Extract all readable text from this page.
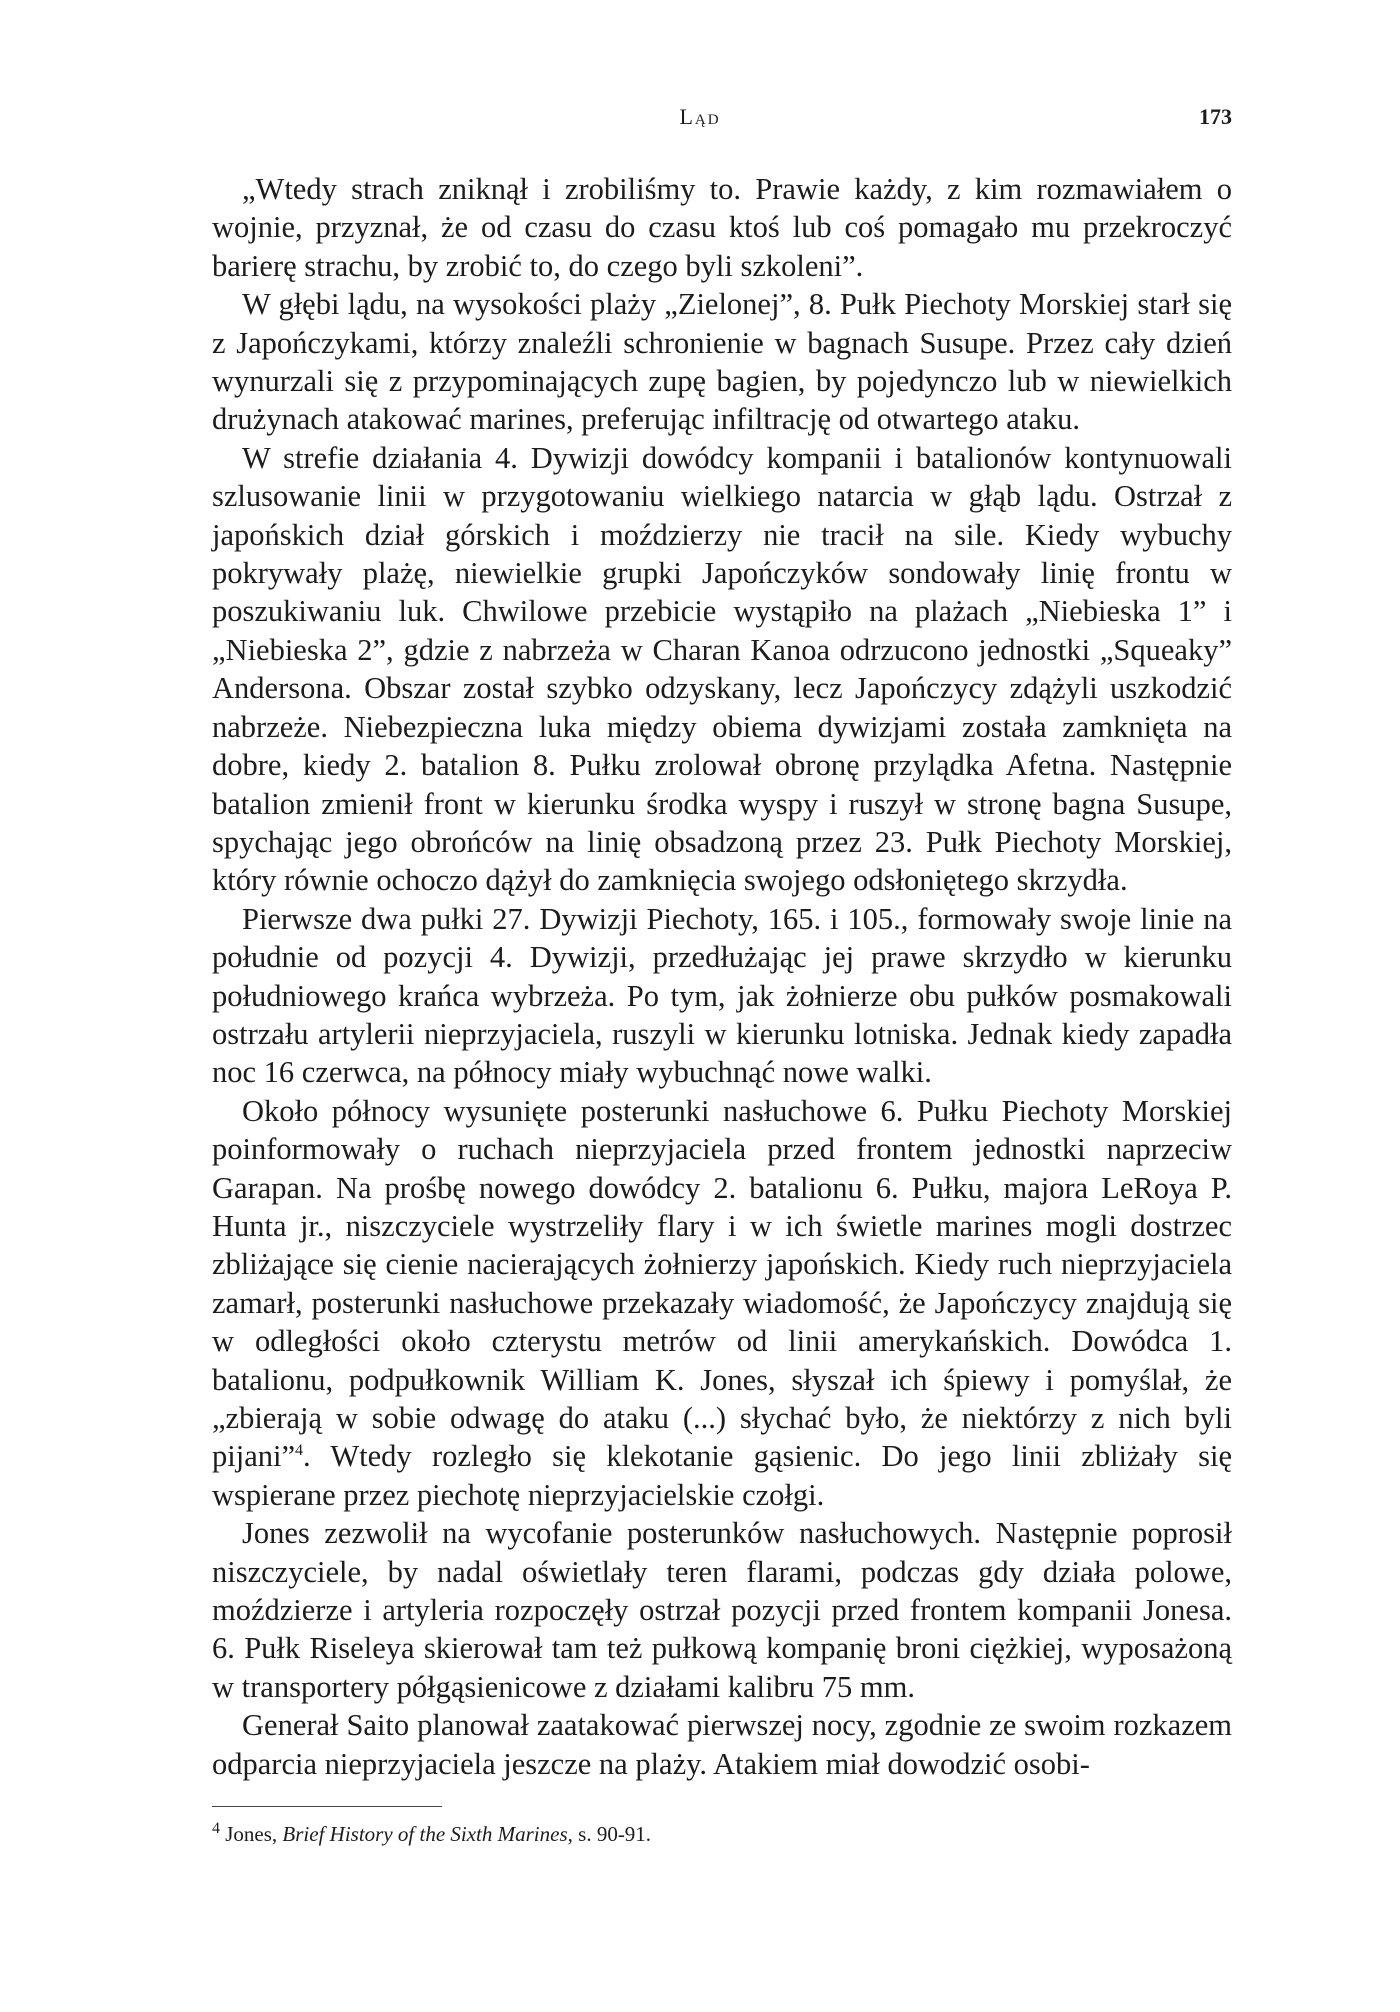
Ląd	173

„Wtedy strach zniknął i zrobiliśmy to. Prawie każdy, z kim rozmawiałem o wojnie, przyznał, że od czasu do czasu ktoś lub coś pomagało mu przekroczyć barierę strachu, by zrobić to, do czego byli szkoleni”.

W głębi lądu, na wysokości plaży „Zielonej”, 8. Pułk Piechoty Morskiej starł się z Japończykami, którzy znaleźli schronienie w bagnach Susupe. Przez cały dzień wynurzali się z przypominających zupę bagien, by pojedynczo lub w niewielkich drużynach atakować marines, preferując infiltrację od otwartego ataku.

W strefie działania 4. Dywizji dowódcy kompanii i batalionów kontynuowali szlusowanie linii w przygotowaniu wielkiego natarcia w głąb lądu. Ostrzał z japońskich dział górskich i moździerzy nie tracił na sile. Kiedy wybuchy pokrywały plażę, niewielkie grupki Japończyków sondowały linię frontu w poszukiwaniu luk. Chwilowe przebicie wystąpiło na plażach „Niebieska 1” i „Niebieska 2”, gdzie z nabrzeża w Charan Kanoa odrzucono jednostki „Squeaky” Andersona. Obszar został szybko odzyskany, lecz Japończycy zdążyli uszkodzić nabrzeże. Niebezpieczna luka między obiema dywizjami została zamknięta na dobre, kiedy 2. batalion 8. Pułku zrolował obronę przylądka Afetna. Następnie batalion zmienił front w kierunku środka wyspy i ruszył w stronę bagna Susupe, spychając jego obrońców na linię obsadzoną przez 23. Pułk Piechoty Morskiej, który równie ochoczo dążył do zamknięcia swojego odsłoniętego skrzydła.

Pierwsze dwa pułki 27. Dywizji Piechoty, 165. i 105., formowały swoje linie na południe od pozycji 4. Dywizji, przedłużając jej prawe skrzydło w kierunku południowego krańca wybrzeża. Po tym, jak żołnierze obu pułków posmakowali ostrzału artylerii nieprzyjaciela, ruszyli w kierunku lotniska. Jednak kiedy zapadła noc 16 czerwca, na północy miały wybuchnąć nowe walki.

Około północy wysunięte posterunki nasłuchowe 6. Pułku Piechoty Morskiej poinformowały o ruchach nieprzyjaciela przed frontem jednostki naprzeciw Garapan. Na prośbę nowego dowódcy 2. batalionu 6. Pułku, majora LeRoya P. Hunta jr., niszczyciele wystrzeliły flary i w ich świetle marines mogli dostrzec zbliżające się cienie nacierających żołnierzy japońskich. Kiedy ruch nieprzyjaciela zamarł, posterunki nasłuchowe przekazały wiadomość, że Japończycy znajdują się w odległości około czterystu metrów od linii amerykańskich. Dowódca 1. batalionu, podpułkownik William K. Jones, słyszał ich śpiewy i pomyślał, że „zbierają w sobie odwagę do ataku (...) słychać było, że niektórzy z nich byli pijani”$^4$. Wtedy rozległo się klekotanie gąsienic. Do jego linii zbliżały się wspierane przez piechotę nieprzyjacielskie czołgi.

Jones zezwolił na wycofanie posterunków nasłuchowych. Następnie poprosił niszczyciele, by nadal oświetlały teren flarami, podczas gdy działa polowe, moździerze i artyleria rozpoczęły ostrzał pozycji przed frontem kompanii Jonesa. 6. Pułk Riseleya skierował tam też pułkową kompanię broni ciężkiej, wyposażoną w transportery półgąsienicowe z działami kalibru 75 mm.

Generał Saito planował zaatakować pierwszej nocy, zgodnie ze swoim rozkazem odparcia nieprzyjaciela jeszcze na plaży. Atakiem miał dowodzić osobi-

$^4$ Jones, Brief History of the Sixth Marines, s. 90-91.
